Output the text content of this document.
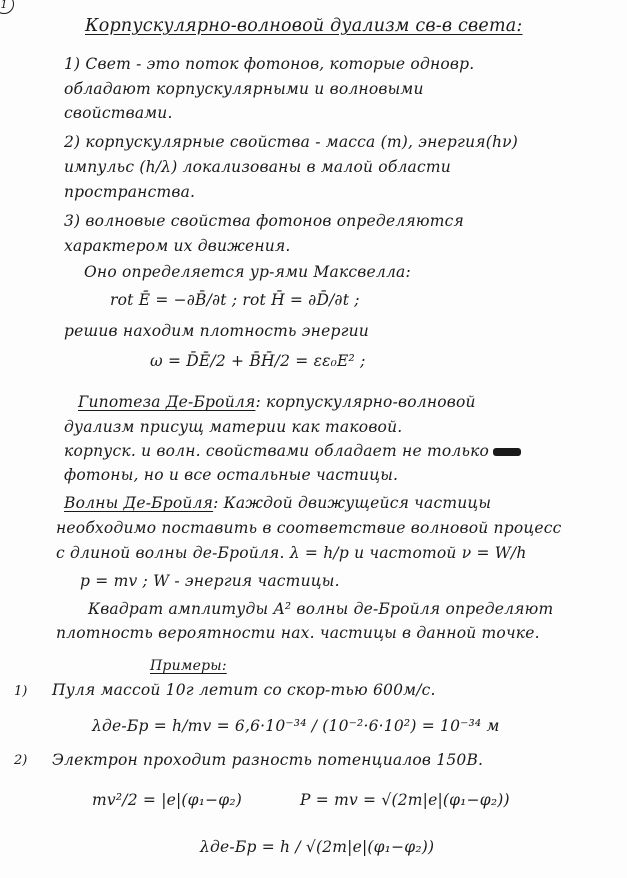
1
Корпускулярно-волновой дуализм св-в света:
1) Свет - это поток фотонов, которые одновр.
обладают корпускулярными и волновыми
свойствами.
2) корпускулярные свойства - масса (m), энергия(hν)
импульс (h/λ) локализованы в малой области
пространства.
3) волновые свойства фотонов определяются
характером их движения.
Оно определяется ур-ями Максвелла:
rot Ē = −∂B̄/∂t ; rot H̄ = ∂D̄/∂t ;
решив находим плотность энергии
ω = D̄Ē/2 + B̄H̄/2 = εε₀E² ;
Гипотеза Де-Бройля: корпускулярно-волновой
дуализм присущ материи как таковой.
корпуск. и волн. свойствами обладает не только
фотоны, но и все остальные частицы.
Волны Де-Бройля: Каждой движущейся частицы
необходимо поставить в соответствие волновой процесс
с длиной волны де-Бройля. λ = h/p и частотой ν = W/h
p = mv ; W - энергия частицы.
Квадрат амплитуды A² волны де-Бройля определяют
плотность вероятности нах. частицы в данной точке.
Примеры:
1) Пуля массой 10г летит со скор-тью 600м/с.
λде-Бр = h/mv = 6,6·10⁻³⁴ / (10⁻²·6·10²) = 10⁻³⁴ м
2) Электрон проходит разность потенциалов 150В.
mv²/2 = |e|(φ₁−φ₂)	P = mv = √(2m|e|(φ₁−φ₂))
λде-Бр = h / √(2m|e|(φ₁−φ₂))
